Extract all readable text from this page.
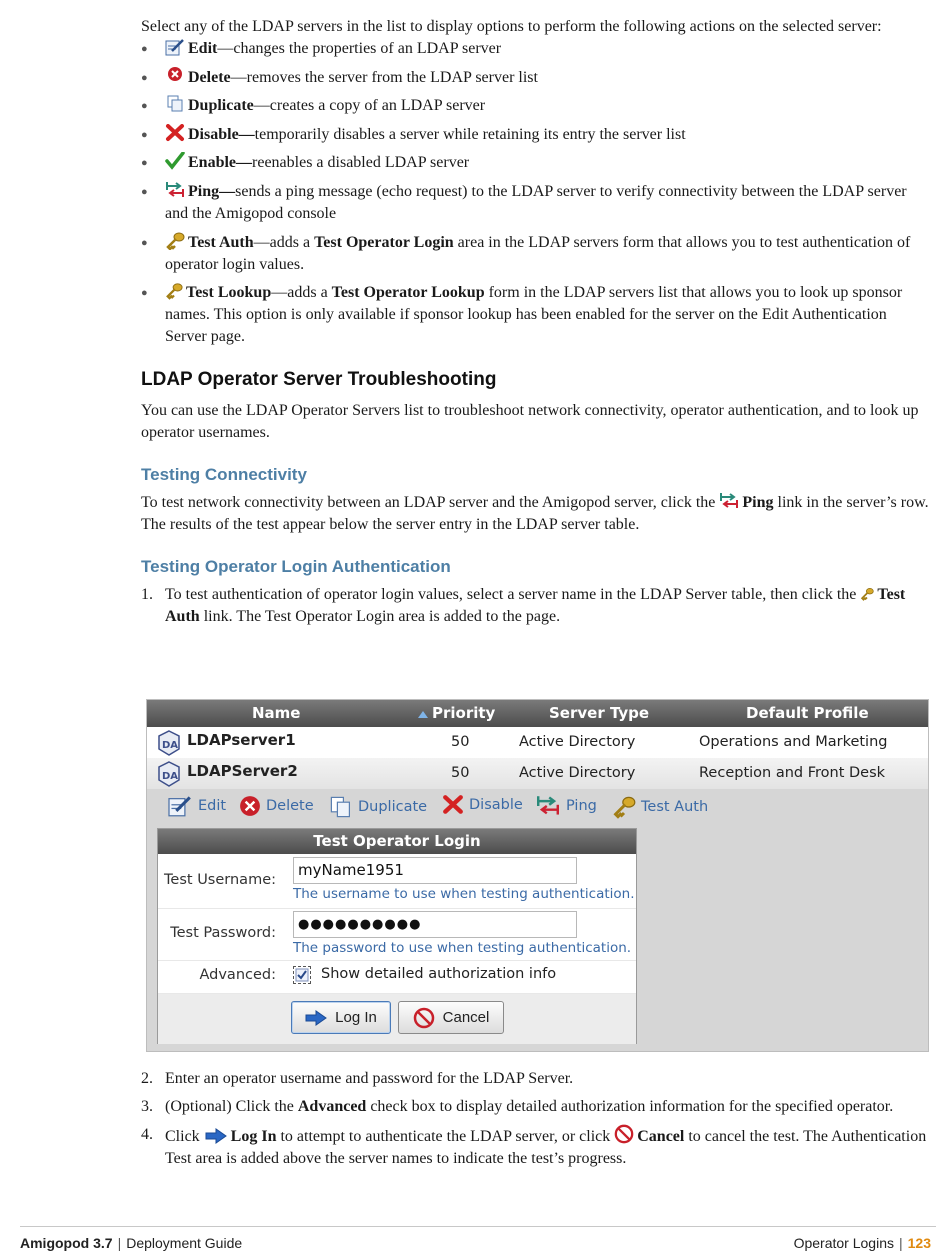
Select any of the LDAP servers in the list to display options to perform the following actions on the selected server:

● Edit—changes the properties of an LDAP server
● Delete—removes the server from the LDAP server list
● Duplicate—creates a copy of an LDAP server
● Disable—temporarily disables a server while retaining its entry the server list
● Enable—reenables a disabled LDAP server
● Ping—sends a ping message (echo request) to the LDAP server to verify connectivity between the LDAP server and the Amigopod console
● Test Auth—adds a Test Operator Login area in the LDAP servers form that allows you to test authentication of operator login values.
● Test Lookup—adds a Test Operator Lookup form in the LDAP servers list that allows you to look up sponsor names. This option is only available if sponsor lookup has been enabled for the server on the Edit Authentication Server page.
LDAP Operator Server Troubleshooting

You can use the LDAP Operator Servers list to troubleshoot network connectivity, operator authentication, and to look up operator usernames.

Testing Connectivity

To test network connectivity between an LDAP server and the Amigopod server, click the Ping link in the server’s row. The results of the test appear below the server entry in the LDAP server table.

Testing Operator Login Authentication
1. To test authentication of operator login values, select a server name in the LDAP Server table, then click the Test Auth link. The Test Operator Login area is added to the page.
Name	Priority	Server Type	Default Profile
DA LDAPserver1	50	Active Directory	Operations and Marketing
DA LDAPServer2	50	Active Directory	Reception and Front Desk
Edit	Delete	Duplicate	Disable	Ping	Test Auth
Test Operator Login
Test Username:
myName1951
The username to use when testing authentication.
Test Password:
●●●●●●●●●●
The password to use when testing authentication.
Advanced:	Show detailed authorization info
Log In	Cancel
2. Enter an operator username and password for the LDAP Server.
3. (Optional) Click the Advanced check box to display detailed authorization information for the specified operator.
4. Click Log In to attempt to authenticate the LDAP server, or click Cancel to cancel the test. The Authentication Test area is added above the server names to indicate the test’s progress.
Amigopod 3.7 | Deployment Guide	Operator Logins | 123
